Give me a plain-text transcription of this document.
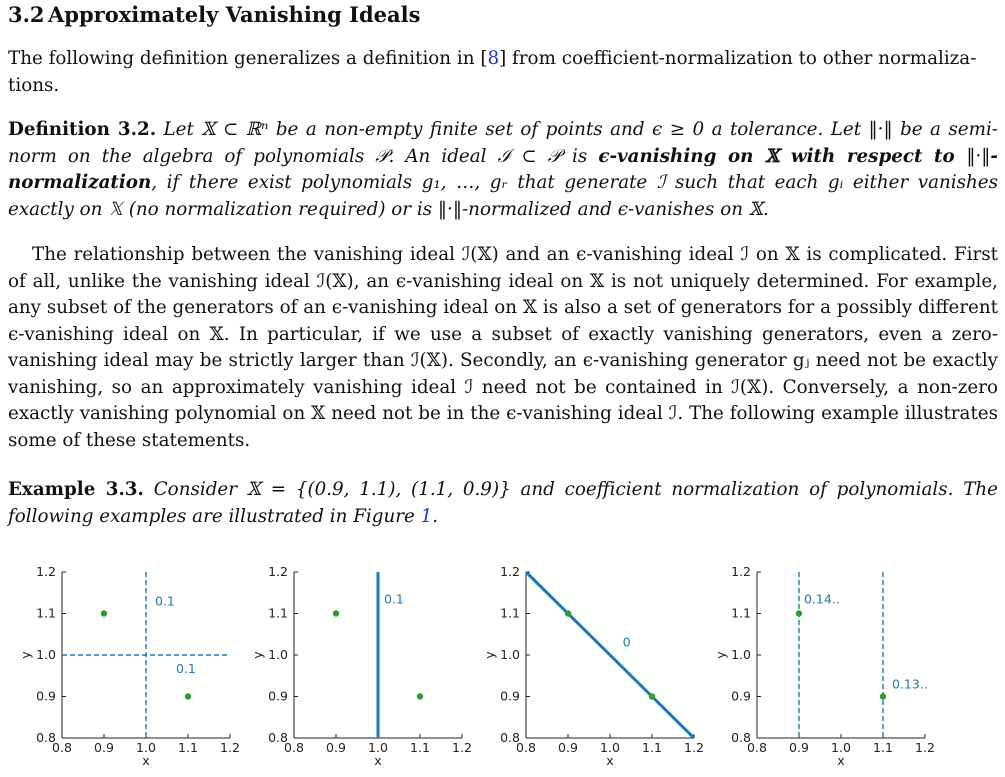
3.2 Approximately Vanishing Ideals
The following definition generalizes a definition in [8] from coefficient-normalization to other normaliza-tions.
Definition 3.2. Let 𝕏 ⊂ ℝⁿ be a non-empty finite set of points and ϵ ≥ 0 a tolerance. Let ‖·‖ be a semi-norm on the algebra of polynomials 𝒫. An ideal ℐ ⊂ 𝒫 is ϵ-vanishing on 𝕏 with respect to ‖·‖-normalization, if there exist polynomials g₁, …, gᵣ that generate ℐ such that each gᵢ either vanishes exactly on 𝕏 (no normalization required) or is ‖·‖-normalized and ϵ-vanishes on 𝕏.
The relationship between the vanishing ideal ℐ(𝕏) and an ϵ-vanishing ideal ℐ on 𝕏 is complicated. First of all, unlike the vanishing ideal ℐ(𝕏), an ϵ-vanishing ideal on 𝕏 is not uniquely determined. For example, any subset of the generators of an ϵ-vanishing ideal on 𝕏 is also a set of generators for a possibly different ϵ-vanishing ideal on 𝕏. In particular, if we use a subset of exactly vanishing generators, even a zero-vanishing ideal may be strictly larger than ℐ(𝕏). Secondly, an ϵ-vanishing generator gⱼ need not be exactly vanishing, so an approximately vanishing ideal ℐ need not be contained in ℐ(𝕏). Conversely, a non-zero exactly vanishing polynomial on 𝕏 need not be in the ϵ-vanishing ideal ℐ. The following example illustrates some of these statements.
Example 3.3. Consider 𝕏 = {(0.9, 1.1), (1.1, 0.9)} and coefficient normalization of polynomials. The following examples are illustrated in Figure 1.
0.8 0.9 1.0 1.1 1.2
0.8
0.9
1.0
1.1
1.2
x
y
0.1
0.1
0.8 0.9 1.0 1.1 1.2
0.8
0.9
1.0
1.1
1.2
x
y
0.1
0.8 0.9 1.0 1.1 1.2
0.8
0.9
1.0
1.1
1.2
x
y
0
0.8 0.9 1.0 1.1 1.2
0.8
0.9
1.0
1.1
1.2
x
y
0.14..
0.13..
